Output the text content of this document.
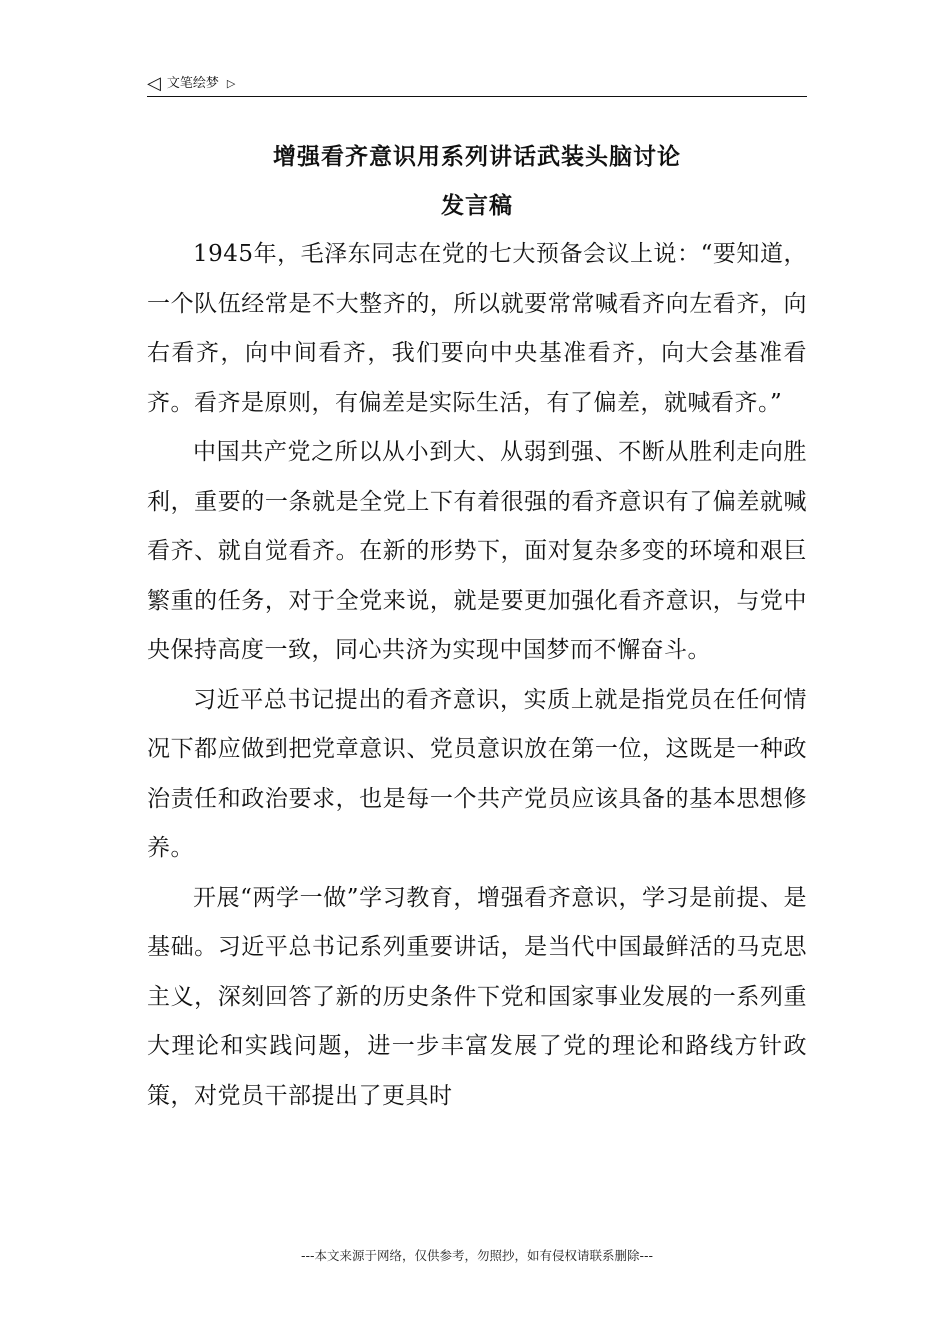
◁ 文笔绘梦 ▷
增强看齐意识用系列讲话武装头脑讨论
发言稿

1945年，毛泽东同志在党的七大预备会议上说：“要知道，一个队伍经常是不大整齐的，所以就要常常喊看齐向左看齐，向右看齐，向中间看齐，我们要向中央基准看齐，向大会基准看齐。看齐是原则，有偏差是实际生活，有了偏差，就喊看齐。”

中国共产党之所以从小到大、从弱到强、不断从胜利走向胜利，重要的一条就是全党上下有着很强的看齐意识有了偏差就喊看齐、就自觉看齐。在新的形势下，面对复杂多变的环境和艰巨繁重的任务，对于全党来说，就是要更加强化看齐意识，与党中央保持高度一致，同心共济为实现中国梦而不懈奋斗。

习近平总书记提出的看齐意识，实质上就是指党员在任何情况下都应做到把党章意识、党员意识放在第一位，这既是一种政治责任和政治要求，也是每一个共产党员应该具备的基本思想修养。

开展“两学一做”学习教育，增强看齐意识，学习是前提、是基础。习近平总书记系列重要讲话，是当代中国最鲜活的马克思主义，深刻回答了新的历史条件下党和国家事业发展的一系列重大理论和实践问题，进一步丰富发展了党的理论和路线方针政策，对党员干部提出了更具时

---本文来源于网络，仅供参考，勿照抄，如有侵权请联系删除---
